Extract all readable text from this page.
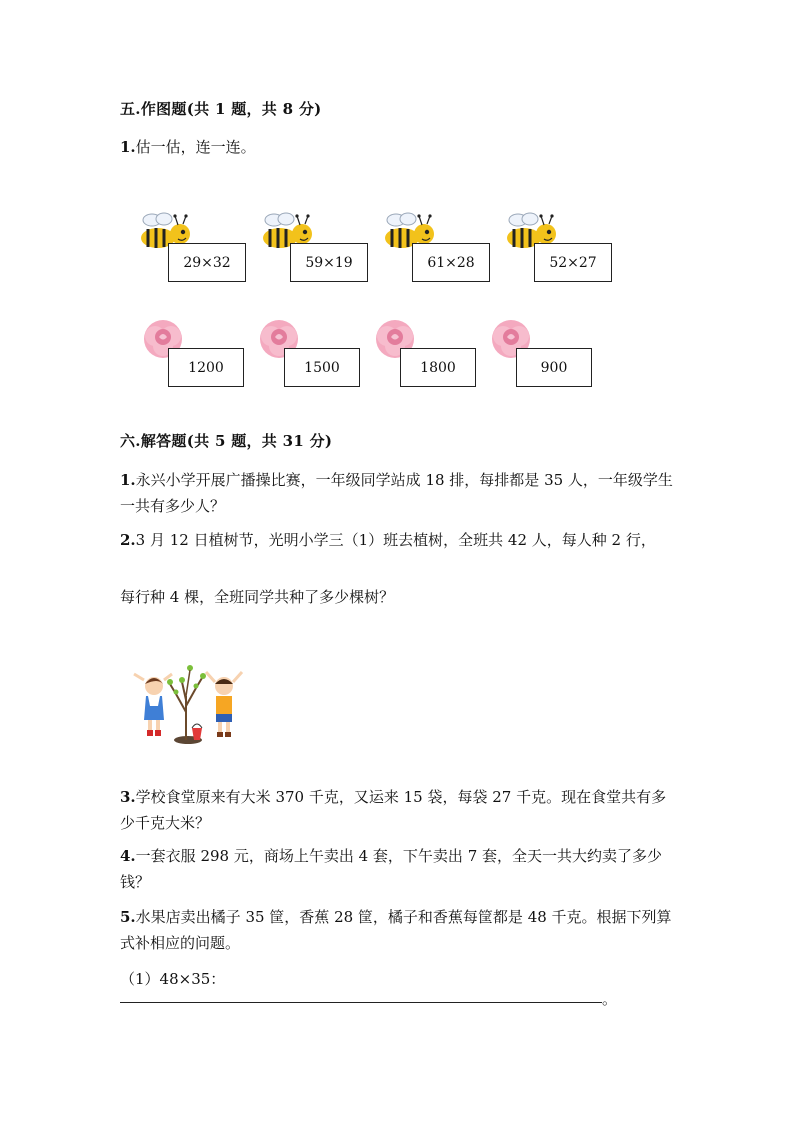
五.作图题(共 1 题，共 8 分)
1.估一估，连一连。
29×32	59×19	61×28	52×27
1200	1500	1800	900
六.解答题(共 5 题，共 31 分)
1.永兴小学开展广播操比赛，一年级同学站成 18 排，每排都是 35 人，一年级学生一共有多少人？
2.3 月 12 日植树节，光明小学三（1）班去植树，全班共 42 人，每人种 2 行，
每行种 4 棵，全班同学共种了多少棵树？
3.学校食堂原来有大米 370 千克，又运来 15 袋，每袋 27 千克。现在食堂共有多少千克大米？
4.一套衣服 298 元，商场上午卖出 4 套，下午卖出 7 套，全天一共大约卖了多少钱？
5.水果店卖出橘子 35 筐，香蕉 28 筐，橘子和香蕉每筐都是 48 千克。根据下列算式补相应的问题。
（1）48×35：
。
